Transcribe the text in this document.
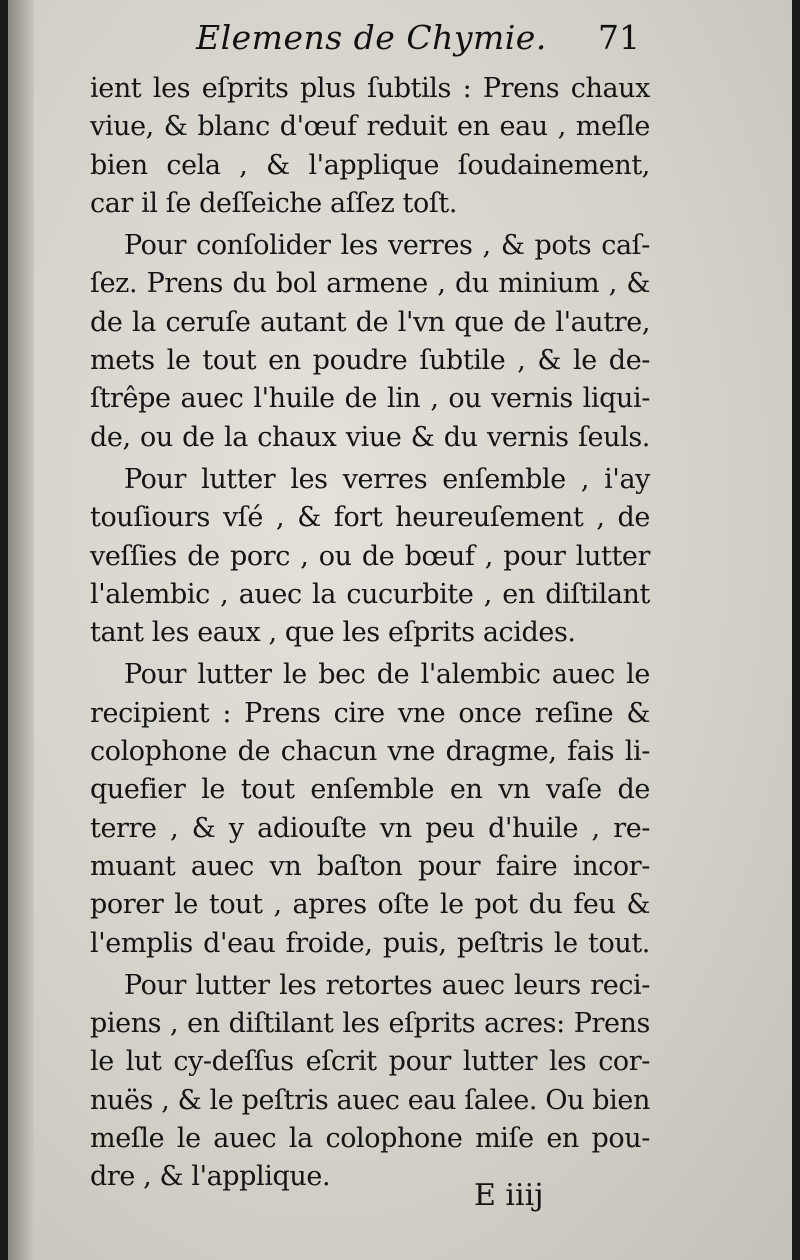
Elemens de Chymie. 71
ient les eſprits plus ſubtils : Prens chaux
viue, & blanc d'œuf reduit en eau , meſle
bien cela , & l'applique ſoudainement,
car il ſe deſſeiche aſſez toſt.
Pour conſolider les verres , & pots caſ-
ſez. Prens du bol armene , du minium , &
de la ceruſe autant de l'vn que de l'autre,
mets le tout en poudre ſubtile , & le de-
ſtrêpe auec l'huile de lin , ou vernis liqui-
de, ou de la chaux viue & du vernis ſeuls.
Pour lutter les verres enſemble , i'ay
touſiours vſé , & fort heureuſement , de
veſſies de porc , ou de bœuf , pour lutter
l'alembic , auec la cucurbite , en diſtilant
tant les eaux , que les eſprits acides.
Pour lutter le bec de l'alembic auec le
recipient : Prens cire vne once reſine &
colophone de chacun vne dragme, fais li-
quefier le tout enſemble en vn vaſe de
terre , & y adiouſte vn peu d'huile , re-
muant auec vn baſton pour faire incor-
porer le tout , apres oſte le pot du feu &
l'emplis d'eau froide, puis, peſtris le tout.
Pour lutter les retortes auec leurs reci-
piens , en diſtilant les eſprits acres: Prens
le lut cy-deſſus eſcrit pour lutter les cor-
nuës , & le peſtris auec eau ſalee. Ou bien
meſle le auec la colophone miſe en pou-
dre , & l'applique.
E iiij
